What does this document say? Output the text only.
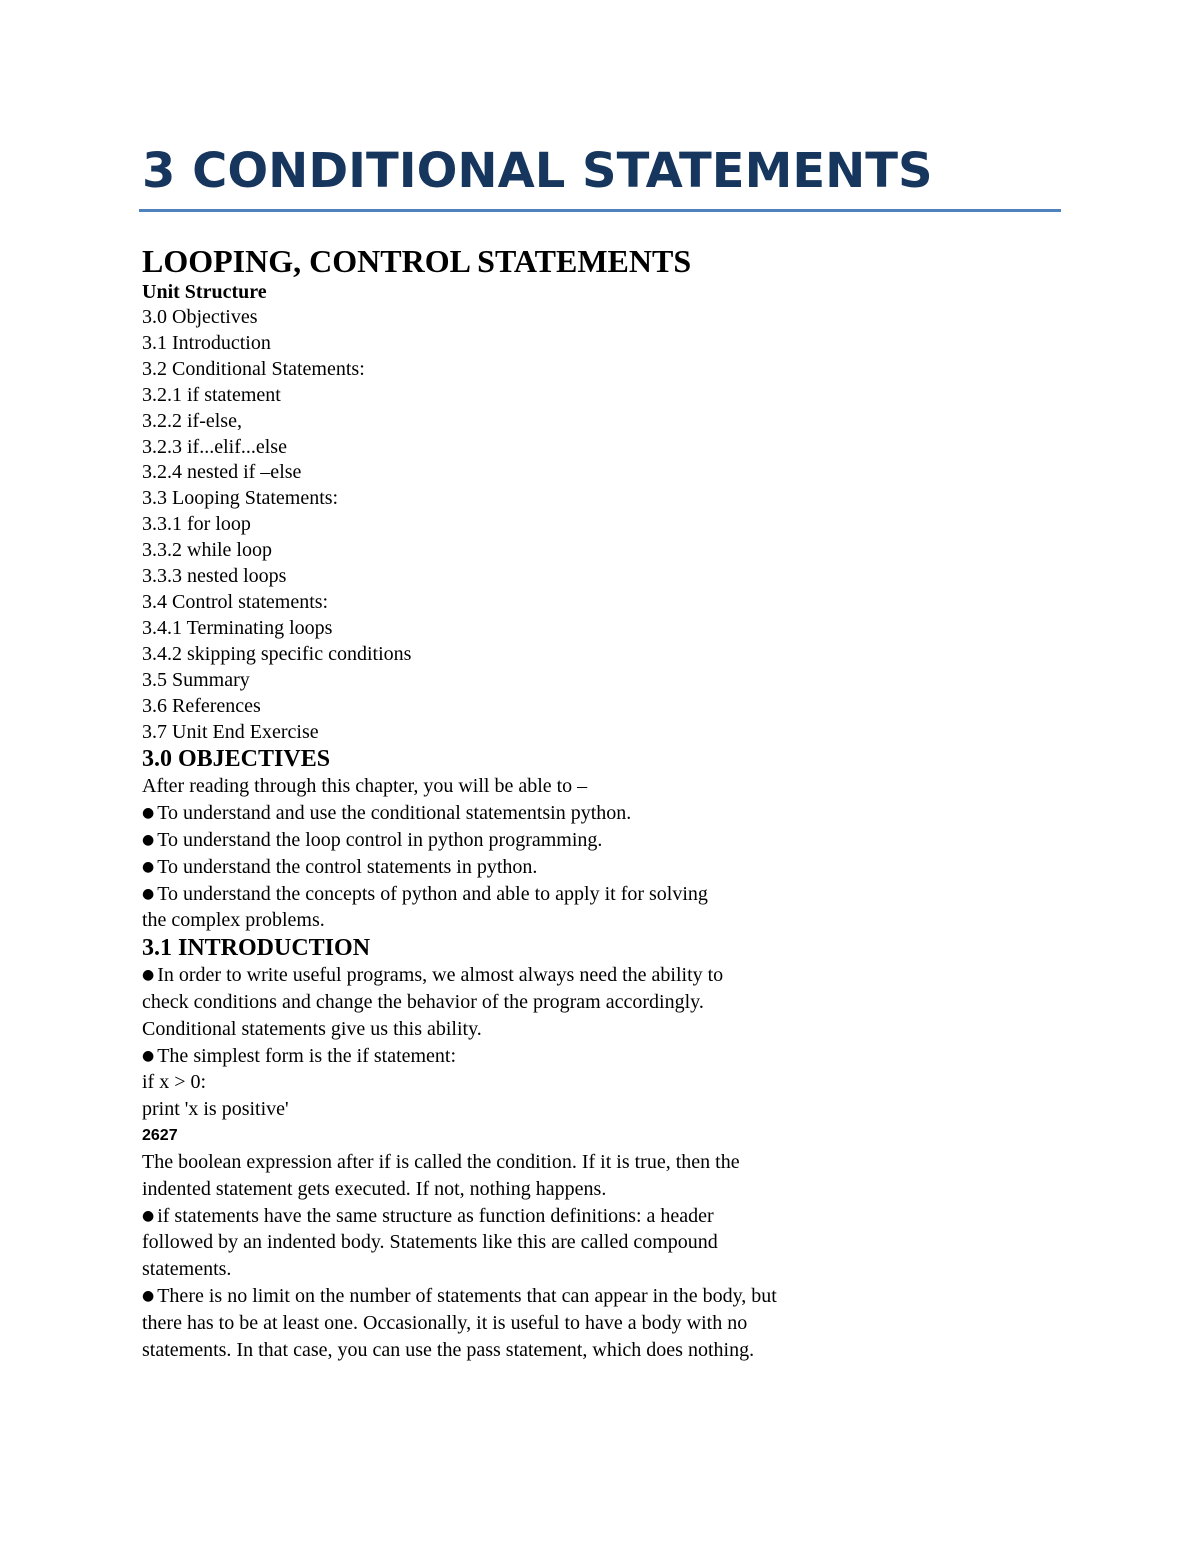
3 CONDITIONAL STATEMENTS
LOOPING, CONTROL STATEMENTS
Unit Structure
3.0 Objectives
3.1 Introduction
3.2 Conditional Statements:
3.2.1 if statement
3.2.2 if-else,
3.2.3 if...elif...else
3.2.4 nested if –else
3.3 Looping Statements:
3.3.1 for loop
3.3.2 while loop
3.3.3 nested loops
3.4 Control statements:
3.4.1 Terminating loops
3.4.2 skipping specific conditions
3.5 Summary
3.6 References
3.7 Unit End Exercise
3.0 OBJECTIVES

After reading through this chapter, you will be able to –

● To understand and use the conditional statementsin python.

● To understand the loop control in python programming.

● To understand the control statements in python.

● To understand the concepts of python and able to apply it for solving the complex problems.

3.1 INTRODUCTION

● In order to write useful programs, we almost always need the ability to check conditions and change the behavior of the program accordingly. Conditional statements give us this ability.

● The simplest form is the if statement:

if x > 0:

print 'x is positive'

2627

The boolean expression after if is called the condition. If it is true, then the indented statement gets executed. If not, nothing happens.

● if statements have the same structure as function definitions: a header followed by an indented body. Statements like this are called compound statements.

● There is no limit on the number of statements that can appear in the body, but there has to be at least one. Occasionally, it is useful to have a body with no statements. In that case, you can use the pass statement, which does nothing.
